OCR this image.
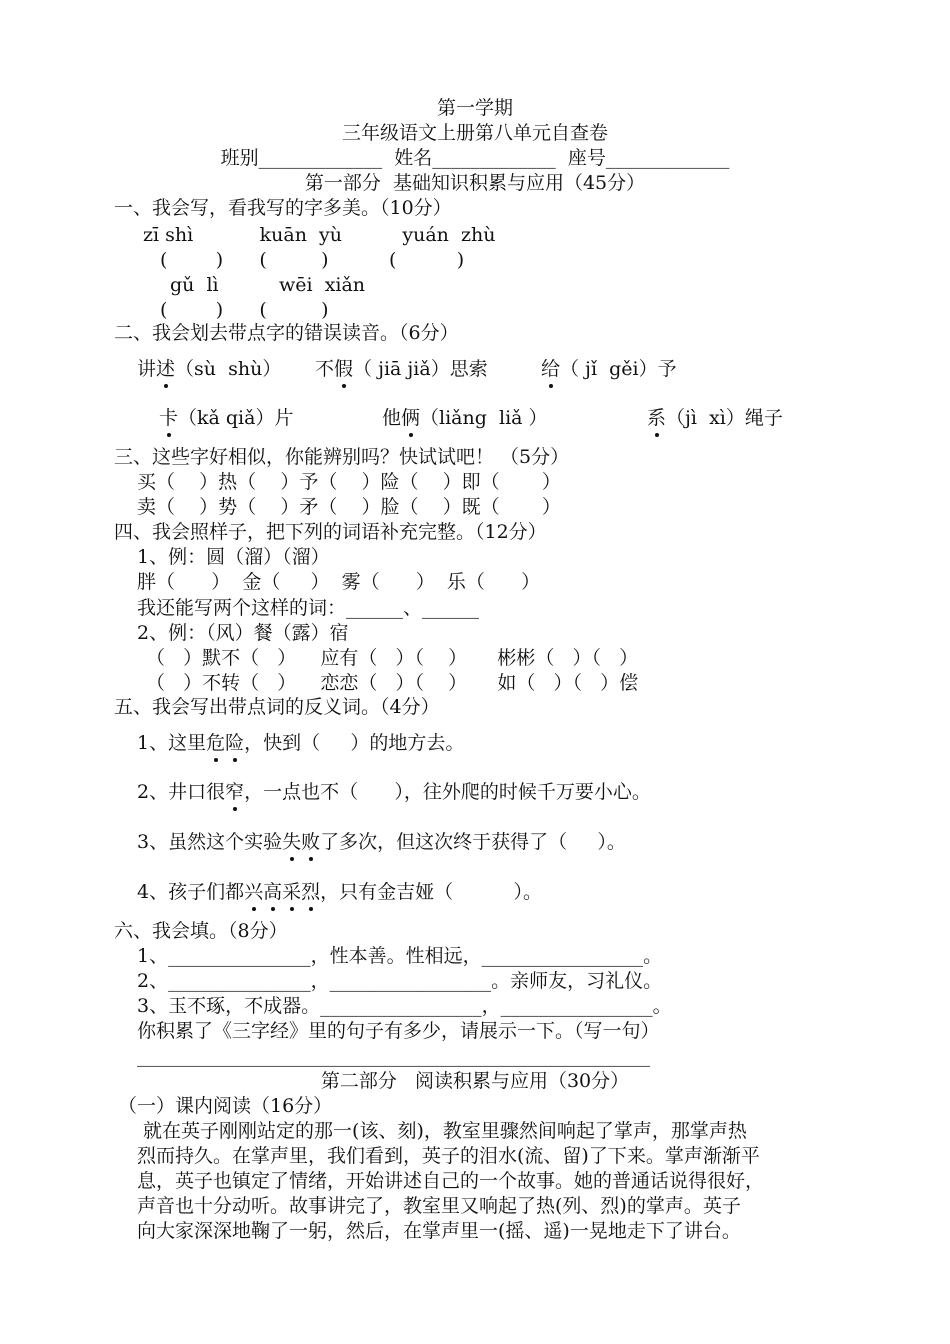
第一学期
三年级语文上册第八单元自查卷
班别_____________  姓名_____________  座号_____________
第一部分  基础知识积累与应用（45分）
一、我会写，看我写的字多美。（10分）
zī shì           kuān  yù          yuán  zhù
(        )      (         )          (          )
gǔ  lì          wēi  xiǎn
(        )      (         )
二、我会划去带点字的错误读音。（6分）
讲述（sù  shù） 不假（ jiā jiǎ）思索	给（ jǐ  gěi）予
卡（kǎ qiǎ）片	他俩（liǎng  liǎ ）	系（jì  xì）绳子
三、这些字好相似，你能辨别吗？快试试吧！ （5分）
买（    ）热（    ）予（    ）险（    ）即（       ）
卖（    ）势（    ）矛（    ）脸（    ）既（       ）
四、我会照样子，把下列的词语补充完整。（12分）
1、例：圆（溜）（溜）
胖（      ）  金（     ）  雾（      ）  乐（      ）
我还能写两个这样的词：______、______
2、例：（风）餐（露）宿
（   ）默不（   ）    应有（   ）（    ）     彬彬（   ）（   ）
（   ）不转（   ）    恋恋（   ）（    ）     如（   ）（   ）偿
五、我会写出带点词的反义词。（4分）
1、这里危险，快到（     ）的地方去。
2、井口很窄，一点也不（      ），往外爬的时候千万要小心。
3、虽然这个实验失败了多次，但这次终于获得了（     ）。
4、孩子们都兴高采烈，只有金吉娅（          ）。
六、我会填。（8分）
1、_______________，性本善。性相远，_________________。
2、_______________，_________________。亲师友，习礼仪。
3、玉不琢，不成器。_________________，________________。
你积累了《三字经》里的句子有多少，请展示一下。（写一句）
______________________________________________________
第二部分   阅读积累与应用（30分）
（一）课内阅读（16分）
就在英子刚刚站定的那一(该、刻)，教室里骤然间响起了掌声，那掌声热
烈而持久。在掌声里，我们看到，英子的泪水(流、留)了下来。掌声渐渐平
息，英子也镇定了情绪，开始讲述自己的一个故事。她的普通话说得很好，
声音也十分动听。故事讲完了，教室里又响起了热(列、烈)的掌声。英子
向大家深深地鞠了一躬，然后，在掌声里一(摇、遥)一晃地走下了讲台。
